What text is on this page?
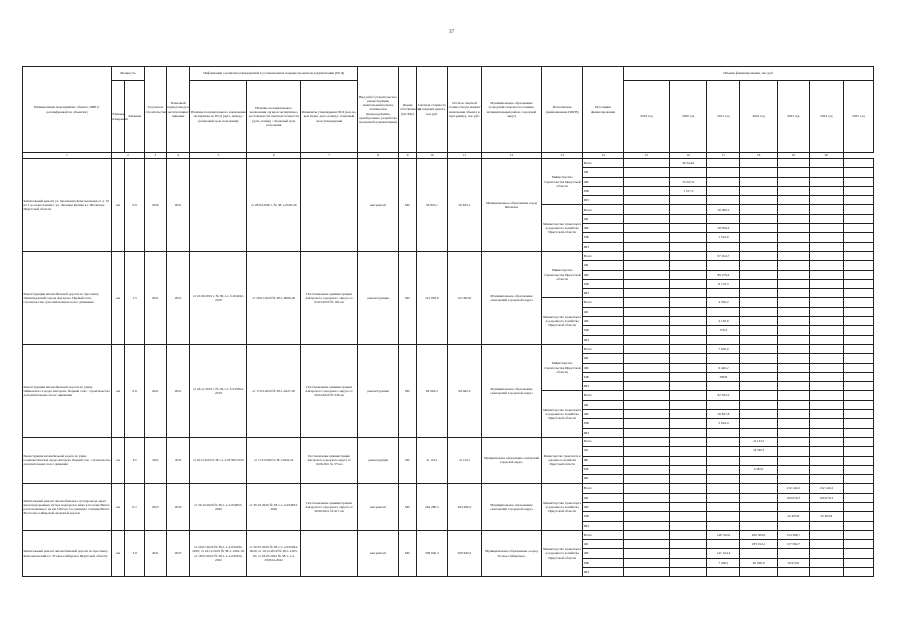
37
Наименование мероприятия, объекта, ПИР (с расшифровкой по объектам)	Мощность		Год начала строительства	Плановый период ввода в эксплуатацию/ приемки	Информация о наличии утвержденной в установленном порядке проектной документации (ПСД)			Вид работ (строительство, реконструкция, капитальный ремонт, техническое перевооружение, приобретение, разработка проектной документации)	Форма собственности (ОС/МС)	Сметная стоимость (в текущих ценах), тыс.руб.	Остаток сметной стоимости (на момент включения объекта в программу), тыс.руб.	Муниципальное образование (городской/сельское поселение, муниципальный район, городской округ)	Исполнитель (наименование ИОГВ)	Источники финансирования	Объемы финансирования, тыс.руб.						
	Единица измерения	Значение			Наличие положительного заключения экспертизы по ПСД (дата, номер) / (плановый срок получения)	Наличие положительного заключения органов экспертизы о достоверности сметной стоимости (дата, номер) / плановый срок получения	Реквизиты утверждения ПСД (кол-во, кем издан, дата, номер) / плановый срок утверждения								2019 год	2020 год	2021 год	2022 год	2023 год	2024 год	2025 год
1	2		3	4	5	6	7	8	9	10	11	12	13	14	15	16	17	18	19	20	
Капитальный ремонт ул. Орловских Комсомольцев от д. 35 на 3 до пересечения с ул. Леонида Кулика в г. Шелехове Иркутской области	км	0,6	2020	2021		от 28.02.2020 г. № 38-1-0168-20		кап.ремонт	МС	56 825,1	56 825,1	Муниципальное образование город Шелехов	Министерство строительства Иркутской области	Всего		26 344,9					
														ОБ							
														ФБ		25 027,9					
														МБ		1 317,3					
														ИИ							
													Министерство транспорта и дорожного хозяйства Иркутской области	Всего			30 480,2				
														ОБ							
														ФБ			28 956,2				
														МБ			1 524,0				
														ИИ							
Реконструкция автомобильной дороги по проспекту Ленинградский города Ангарска. Первый этап - строительство дополнительных полос движения	км	1,5	2021	2021	от 10.09.2019 г. № 38-1-1-3-024042-2019	от 28.01.2020 № 38-1-0066-20	Постановление администрации Ангарского городского округа от 03.03.2020 № 182-па	реконструкция	МС	101 963,9	101 963,9	Муниципальное образование «Ангарский городской округ»	Министерство строительства Иркутской области	Всего			97 454,7				
														ОБ							
														ФБ			89 278,4				
														МБ			8 176,3				
														ИИ							
													Министерство транспорта и дорожного хозяйства Иркутской области	Всего			4 509,2				
														ОБ							
														ФБ			4 130,9				
														МБ			378,3				
														ИИ							
Реконструкция автомобильной дороги по улице Чайковского города Ангарска. Первый этап - строительство дополнительных полос движения	км	0,6	2021	2021	от 26.11.2019 г. № 38-1-1-3-033654-2019	от 17.03.2020 № 38-1-0227-20	Постановление администрации Ангарского городского округа от 29.04.2020 № 336-па	реконструкция	МС	69 062,2	69 062,2	Муниципальное образование «Ангарский городской округ»	Министерство строительства Иркутской области	Всего			7 030,0				
														ОБ							
														ФБ			6 440,2				
														МБ			589,8				
														ИИ							
													Министерство транспорта и дорожного хозяйства Иркутской области	Всего			62 032,2				
														ОБ							
														ФБ			56 827,8				
														МБ			5 204,4				
														ИИ							
Реконструкция автомобильной дороги по улице Социалистическая города Ангарска. Первый этап - строительство дополнительных полос движения	км	0,5	2022	2022	от 26.12.2019 № 38-1-1-3-037695-2019	от 17.03.2020 № 38-1-0226-20	Постановление администрации Ангарского городского округа от 10.06.2021 № 573-па	реконструкция	МС	41 143,2	41 143,2	Муниципальное образование «Ангарский городской округ»	Министерство транспорта и дорожного хозяйства Иркутской области	Всего				41 143,2			
														ОБ				34 560,3			
														ФБ							
														МБ				6 582,9			
														ИИ							
Капитальный ремонт автомобильного путепровода через железнодорожные пути и подходов к нему в поселке Мегет, расположенного на км 5162 пк 3 в границах станции Мегет Восточно-Сибирской железной дороги	км	0,1	2023	2024	от 30.10.2020 № 38-1-1-2-054833-2020	от 30.10.2020 № 38-1-1-2-054833-2020	Постановление администрации Ангарского городского округа от 30.06.2021 № 617-па	кап.ремонт	МС	264 280,3	264 280,3	Муниципальное образование «Ангарский городской округ»	Министерство транспорта и дорожного хозяйства Иркутской области	Всего					132 140,2	132 140,2	
														ОБ					109 676,3	109 676,3	
														ФБ							
														МБ					22 463,8	22 463,8	
														ИИ							
Капитальный ремонт автомобильной дороги по проспекту Комсомольский в г. Усолье-Сибирское Иркутской области	км	3,9	2021	2023	от 20.07.2020 № 38-1-1-2-032294-2020; от 16.12.2019 № 38-1-1263-19; от 18.05.2022 № 38-1-1-2-030324-2022	от 20.07.2020 № 38-1-1-2-032294-2020; от 16.12.2019 № 38-1-1263-19; от 18.05.2022 № 38-1-1-2-030324-2022		кап.ремонт	МС	509 640,3	509 640,3	Муниципальное образование «город Усолье-Сибирское»	Министерство транспорта и дорожного хозяйства Иркутской области	Всего			148 762,6	206 509,0	154 368,7		
														ОБ				185 912,1	137 394,7		
														ФБ			141 324,4				
														МБ			7 438,1	20 596,9	16 974,0		
														ИИ							
